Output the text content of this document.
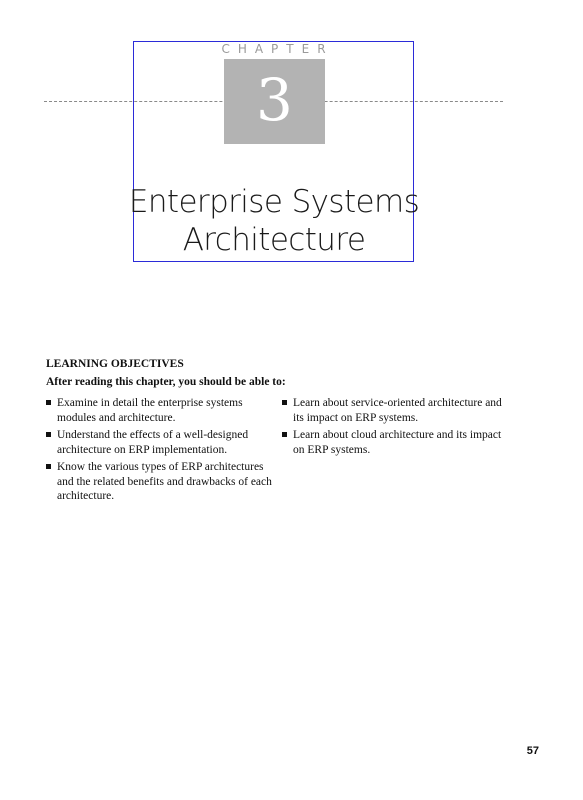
CHAPTER
3
Enterprise Systems
Architecture
LEARNING OBJECTIVES

After reading this chapter, you should be able to:

Examine in detail the enterprise systems modules and architecture.
Understand the effects of a well-designed architecture on ERP implementation.
Know the various types of ERP architectures and the related benefits and drawbacks of each architecture.
Learn about service-oriented architecture and its impact on ERP systems.
Learn about cloud architecture and its impact on ERP systems.
57
